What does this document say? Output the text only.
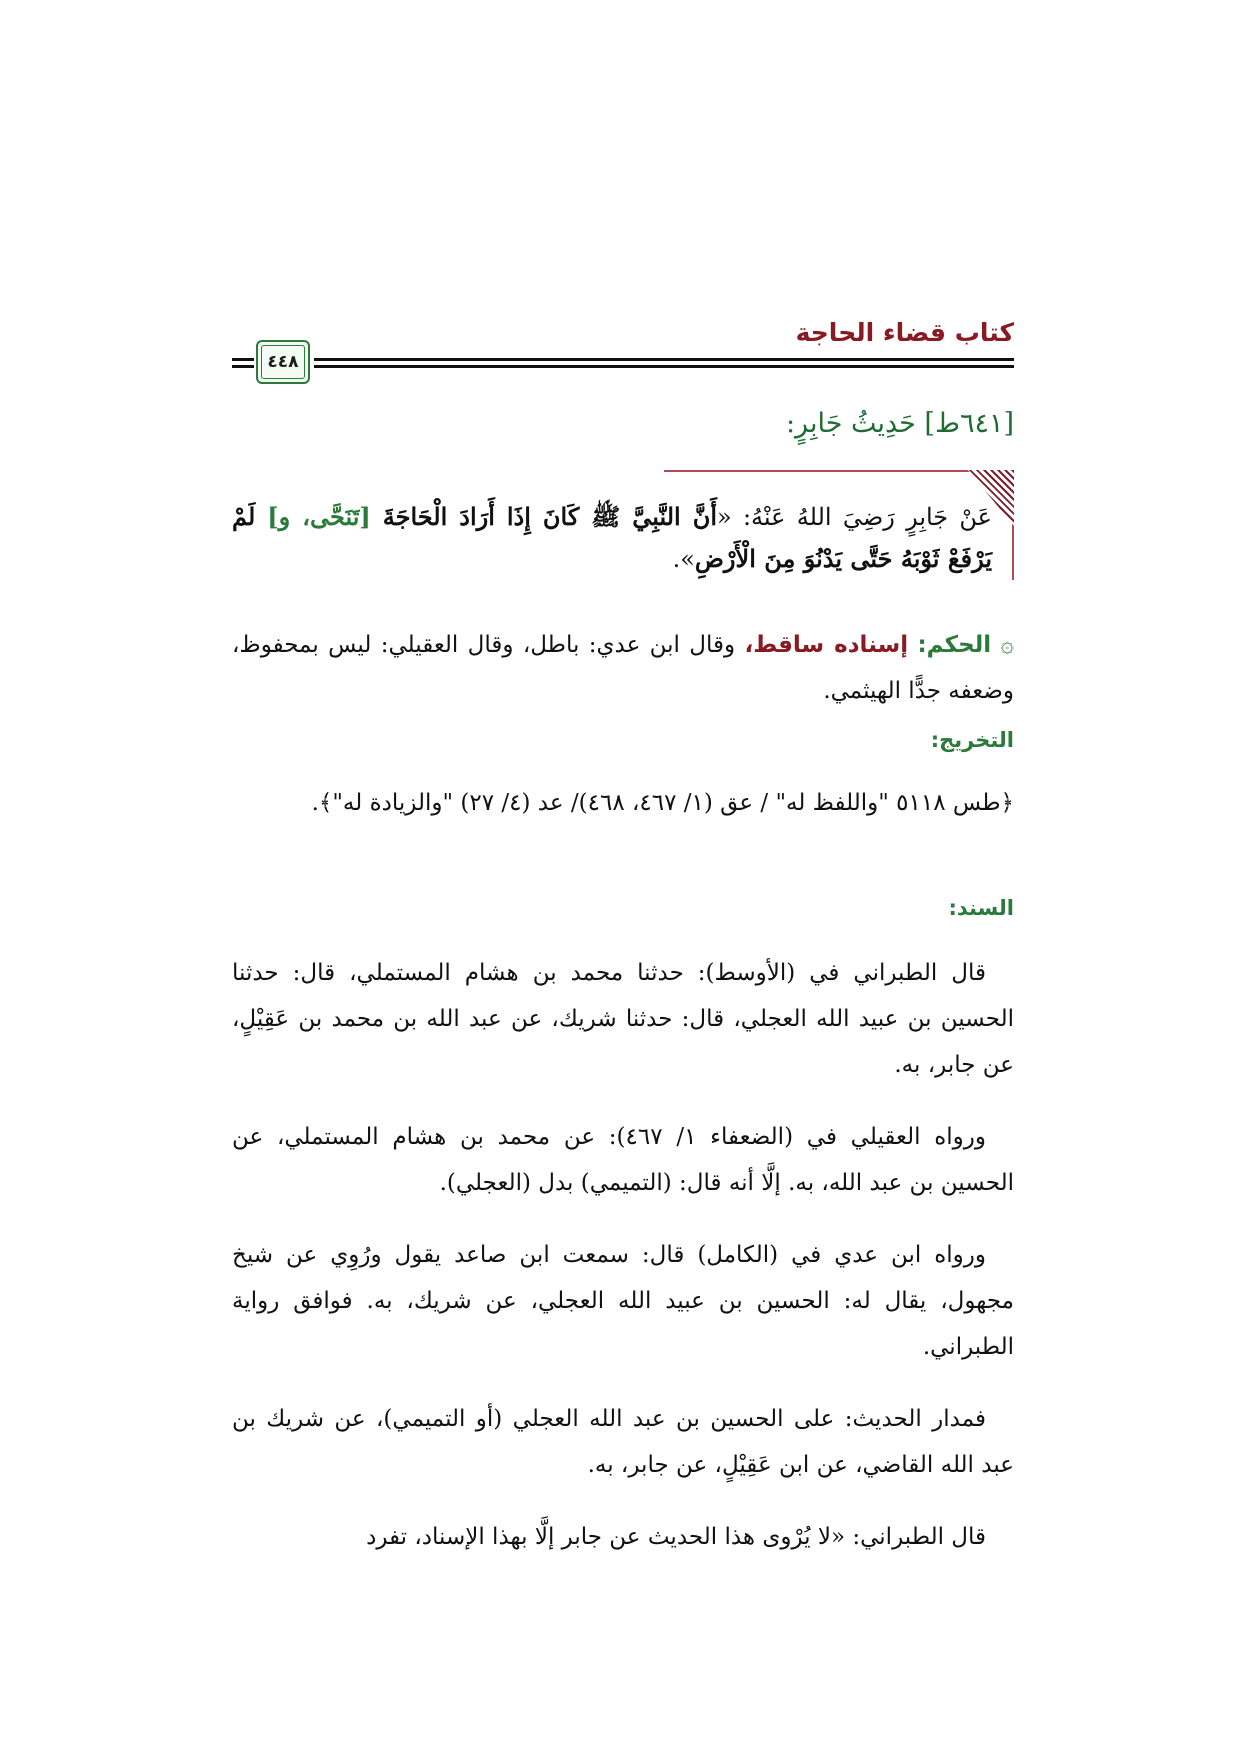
كتاب قضاء الحاجة
٤٤٨
[٦٤١ط] حَدِيثُ جَابِرٍ:
عَنْ جَابِرٍ رَضِيَ اللهُ عَنْهُ: «أَنَّ النَّبِيَّ ﷺ كَانَ إِذَا أَرَادَ الْحَاجَةَ [تَنَحَّى، و] لَمْ يَرْفَعْ ثَوْبَهُ حَتَّى يَدْنُوَ مِنَ الْأَرْضِ».
۞ الحكم: إسناده ساقط، وقال ابن عدي: باطل، وقال العقيلي: ليس بمحفوظ، وضعفه جدًّا الهيثمي.
التخريج:
﴿طس ٥١١٨ "واللفظ له" / عق (١/ ٤٦٧، ٤٦٨)/ عد (٤/ ٢٧) "والزيادة له"﴾.
السند:
قال الطبراني في (الأوسط): حدثنا محمد بن هشام المستملي، قال: حدثنا الحسين بن عبيد الله العجلي، قال: حدثنا شريك، عن عبد الله بن محمد بن عَقِيْلٍ، عن جابر، به.
ورواه العقيلي في (الضعفاء ١/ ٤٦٧): عن محمد بن هشام المستملي، عن الحسين بن عبد الله، به. إلَّا أنه قال: (التميمي) بدل (العجلي).
ورواه ابن عدي في (الكامل) قال: سمعت ابن صاعد يقول ورُوِي عن شيخ مجهول، يقال له: الحسين بن عبيد الله العجلي، عن شريك، به. فوافق رواية الطبراني.
فمدار الحديث: على الحسين بن عبد الله العجلي (أو التميمي)، عن شريك بن عبد الله القاضي، عن ابن عَقِيْلٍ، عن جابر، به.
قال الطبراني: «لا يُرْوى هذا الحديث عن جابر إلَّا بهذا الإسناد، تفرد
